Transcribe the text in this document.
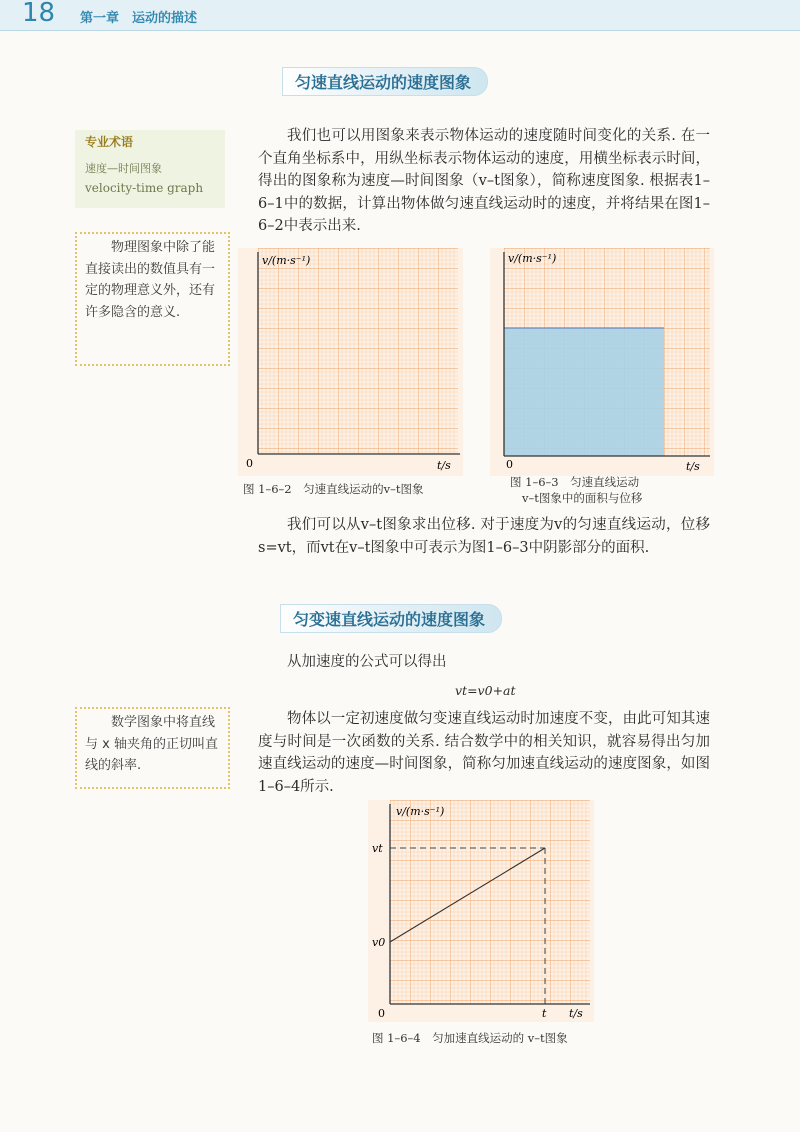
18 第一章　运动的描述
匀速直线运动的速度图象
专业术语
速度—时间图象
velocity-time graph
我们也可以用图象来表示物体运动的速度随时间变化的关系. 在一个直角坐标系中，用纵坐标表示物体运动的速度，用横坐标表示时间，得出的图象称为速度—时间图象（v–t图象），简称速度图象. 根据表1–6–1中的数据，计算出物体做匀速直线运动时的速度，并将结果在图1–6–2中表示出来.
物理图象中除了能直接读出的数值具有一定的物理意义外，还有许多隐含的意义.
v/(m·s⁻¹)
0	t/s
图 1–6–2　匀速直线运动的v–t图象
v/(m·s⁻¹)
0	t/s
图 1–6–3　匀速直线运动
v–t图象中的面积与位移
我们可以从v–t图象求出位移. 对于速度为v的匀速直线运动，位移s=vt，而vt在v–t图象中可表示为图1–6–3中阴影部分的面积.
匀变速直线运动的速度图象
从加速度的公式可以得出
vt=v0+at
数学图象中将直线与 x 轴夹角的正切叫直线的斜率.
物体以一定初速度做匀变速直线运动时加速度不变，由此可知其速度与时间是一次函数的关系. 结合数学中的相关知识，就容易得出匀加速直线运动的速度—时间图象，简称匀加速直线运动的速度图象，如图1–6–4所示.
v/(m·s⁻¹)
vt
v0
0	t t/s
图 1–6–4　匀加速直线运动的 v–t图象
